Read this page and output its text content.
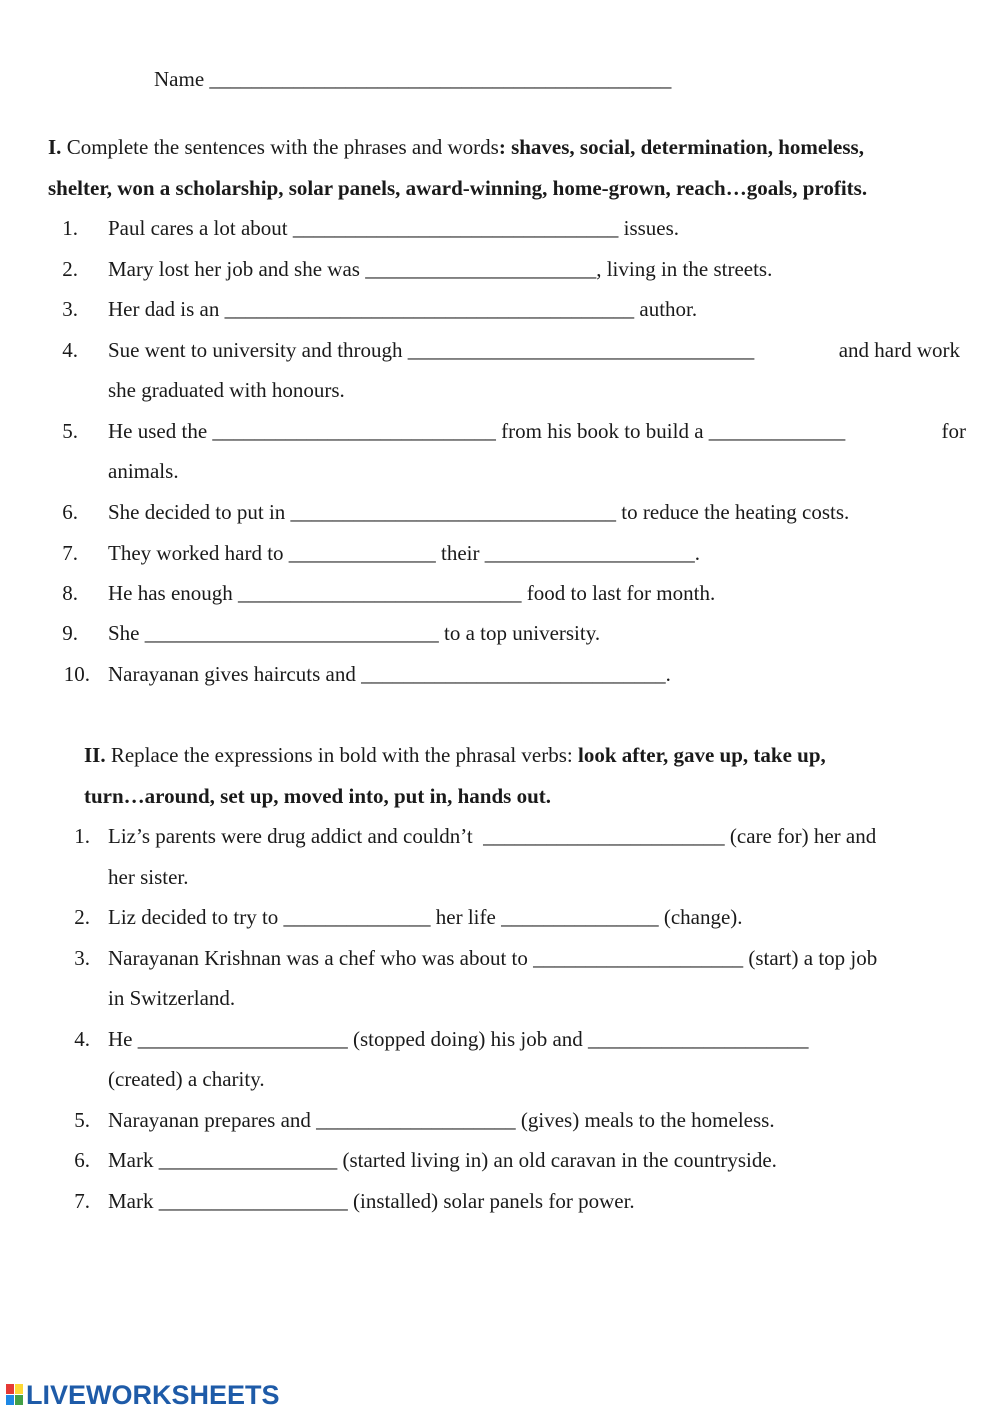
Name ____________________________________________
I. Complete the sentences with the phrases and words: shaves, social, determination, homeless,
shelter, won a scholarship, solar panels, award-winning, home-grown, reach…goals, profits.
1. Paul cares a lot about _______________________________ issues.
2. Mary lost her job and she was ______________________, living in the streets.
3. Her dad is an _______________________________________ author.
4. Sue went to university and through _________________________________	and hard work
she graduated with honours.
5. He used the ___________________________ from his book to build a _____________	for
animals.
6. She decided to put in _______________________________ to reduce the heating costs.
7. They worked hard to ______________ their ____________________.
8. He has enough ___________________________ food to last for month.
9. She ____________________________ to a top university.
10. Narayanan gives haircuts and _____________________________.
II. Replace the expressions in bold with the phrasal verbs: look after, gave up, take up,
turn…around, set up, moved into, put in, hands out.
1. Liz’s parents were drug addict and couldn’t  _______________________ (care for) her and
her sister.
2. Liz decided to try to ______________ her life _______________ (change).
3. Narayanan Krishnan was a chef who was about to ____________________ (start) a top job
in Switzerland.
4. He ____________________ (stopped doing) his job and _____________________
(created) a charity.
5. Narayanan prepares and ___________________ (gives) meals to the homeless.
6. Mark _________________ (started living in) an old caravan in the countryside.
7. Mark __________________ (installed) solar panels for power.
LIVEWORKSHEETS
